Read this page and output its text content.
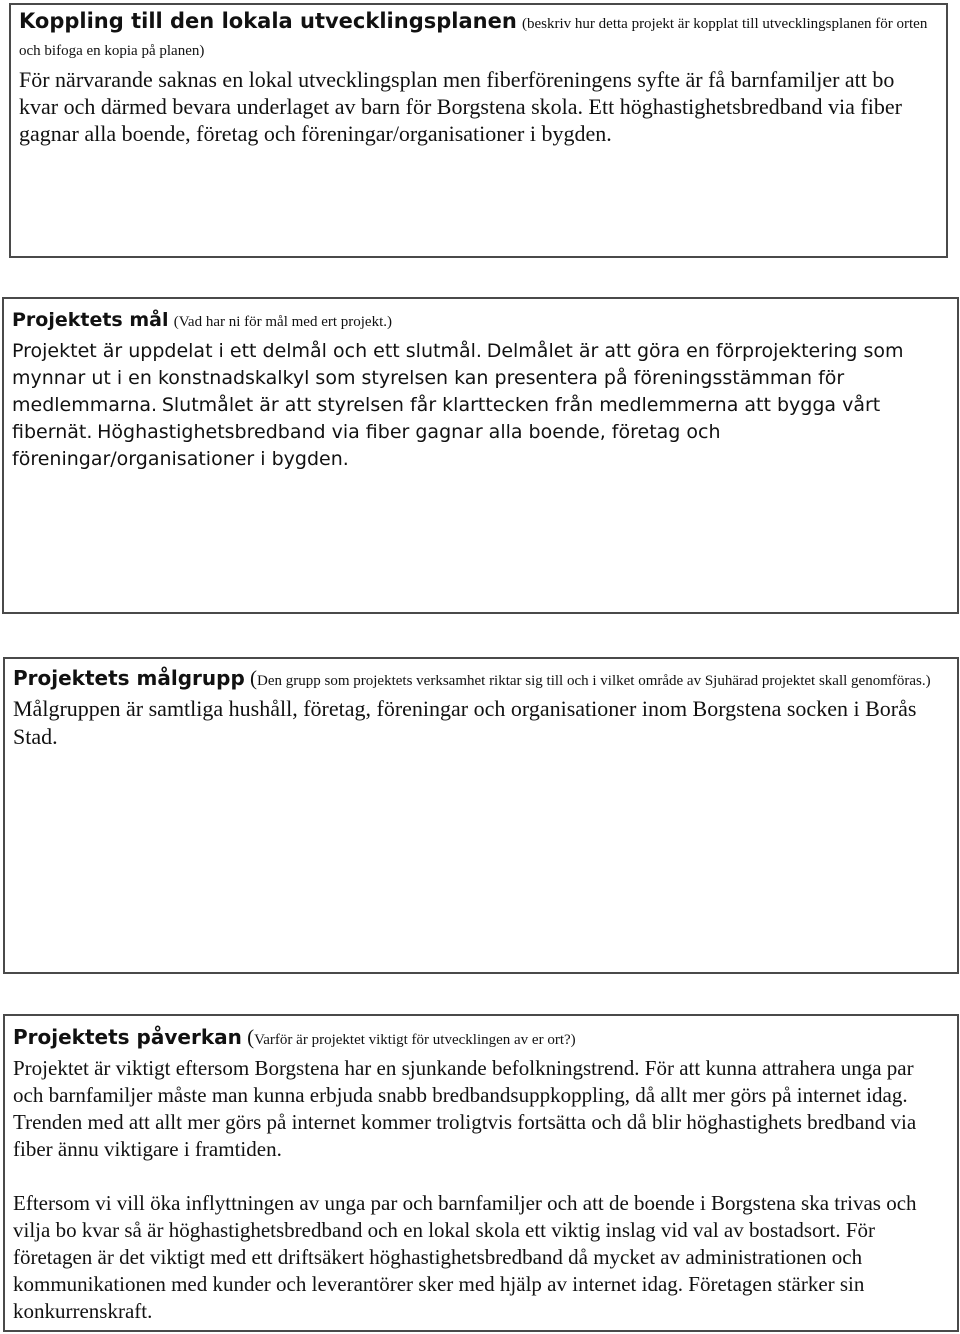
Koppling till den lokala utvecklingsplanen (beskriv hur detta projekt är kopplat till utvecklingsplanen för orten och bifoga en kopia på planen)

För närvarande saknas en lokal utvecklingsplan men fiberföreningens syfte är få barnfamiljer att bo kvar och därmed bevara underlaget av barn för Borgstena skola. Ett höghastighetsbredband via fiber gagnar alla boende, företag och föreningar/organisationer i bygden.

Projektets mål (Vad har ni för mål med ert projekt.)

Projektet är uppdelat i ett delmål och ett slutmål. Delmålet är att göra en förprojektering som mynnar ut i en konstnadskalkyl som styrelsen kan presentera på föreningsstämman för medlemmarna. Slutmålet är att styrelsen får klarttecken från medlemmerna att bygga vårt fibernät. Höghastighetsbredband via fiber gagnar alla boende, företag och föreningar/organisationer i bygden.

Projektets målgrupp (Den grupp som projektets verksamhet riktar sig till och i vilket område av Sjuhärad projektet skall genomföras.)

Målgruppen är samtliga hushåll, företag, föreningar och organisationer inom Borgstena socken i Borås Stad.

Projektets påverkan (Varför är projektet viktigt för utvecklingen av er ort?)

Projektet är viktigt eftersom Borgstena har en sjunkande befolkningstrend. För att kunna attrahera unga par och barnfamiljer måste man kunna erbjuda snabb bredbandsuppkoppling, då allt mer görs på internet idag. Trenden med att allt mer görs på internet kommer troligtvis fortsätta och då blir höghastighets bredband via fiber ännu viktigare i framtiden.

Eftersom vi vill öka inflyttningen av unga par och barnfamiljer och att de boende i Borgstena ska trivas och vilja bo kvar så är höghastighetsbredband och en lokal skola ett viktig inslag vid val av bostadsort. För företagen är det viktigt med ett driftsäkert höghastighetsbredband då mycket av administrationen och kommunikationen med kunder och leverantörer sker med hjälp av internet idag. Företagen stärker sin konkurrenskraft.
